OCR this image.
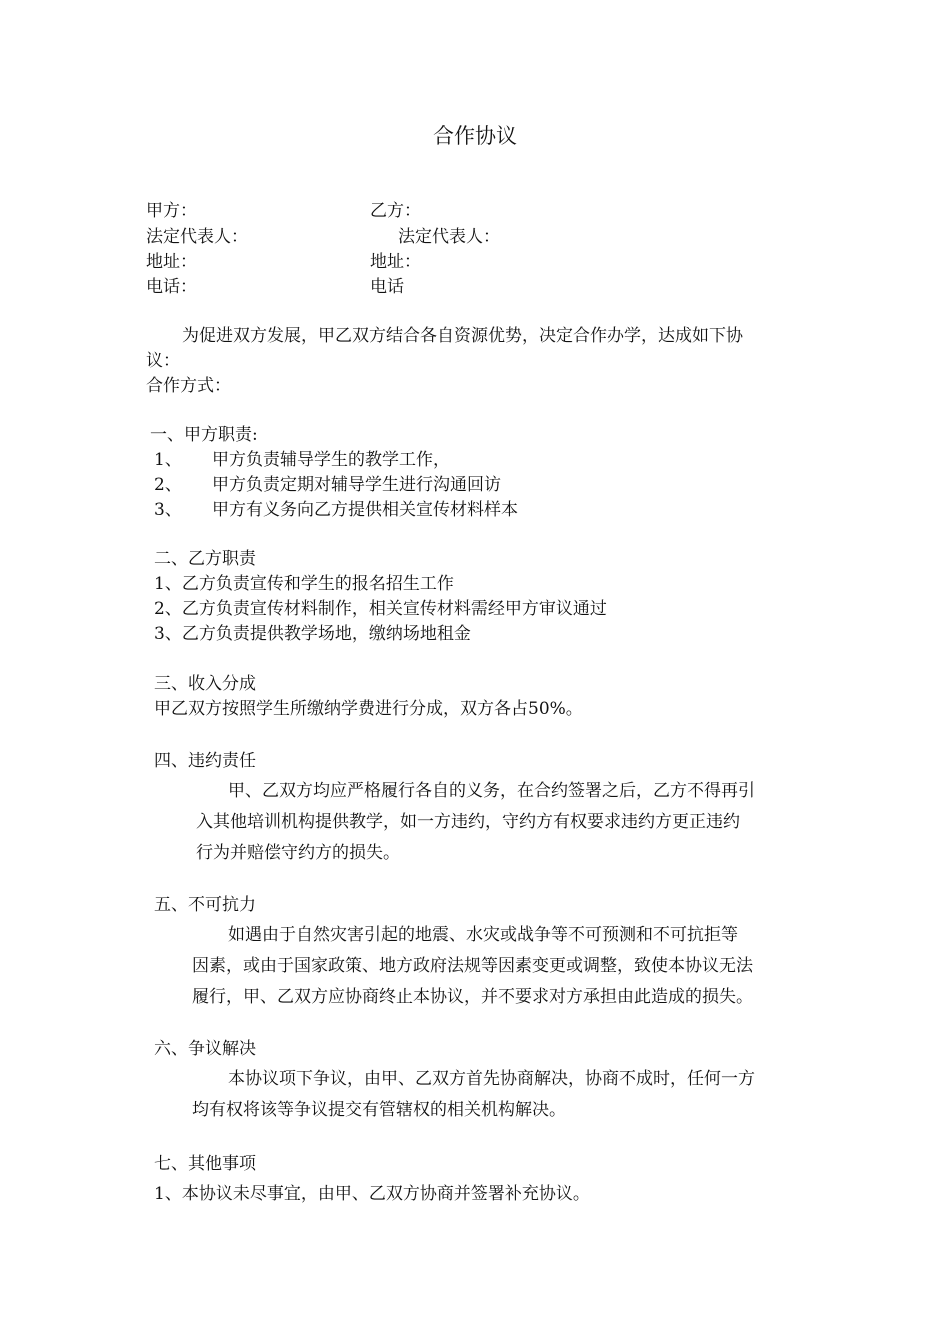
合作协议
甲方：	乙方：
法定代表人：	法定代表人：
地址：	地址：
电话：	电话
为促进双方发展，甲乙双方结合各自资源优势，决定合作办学，达成如下协
议：
合作方式：
一、甲方职责:
1、 甲方负责辅导学生的教学工作，
2、 甲方负责定期对辅导学生进行沟通回访
3、 甲方有义务向乙方提供相关宣传材料样本
二、乙方职责
1、乙方负责宣传和学生的报名招生工作
2、乙方负责宣传材料制作，相关宣传材料需经甲方审议通过
3、乙方负责提供教学场地，缴纳场地租金
三、收入分成
甲乙双方按照学生所缴纳学费进行分成，双方各占50%。
四、违约责任
甲、乙双方均应严格履行各自的义务，在合约签署之后，乙方不得再引
入其他培训机构提供教学，如一方违约，守约方有权要求违约方更正违约
行为并赔偿守约方的损失。
五、不可抗力
如遇由于自然灾害引起的地震、水灾或战争等不可预测和不可抗拒等
因素，或由于国家政策、地方政府法规等因素变更或调整，致使本协议无法
履行，甲、乙双方应协商终止本协议，并不要求对方承担由此造成的损失。
六、争议解决
本协议项下争议，由甲、乙双方首先协商解决，协商不成时，任何一方
均有权将该等争议提交有管辖权的相关机构解决。
七、其他事项
1、本协议未尽事宜，由甲、乙双方协商并签署补充协议。
